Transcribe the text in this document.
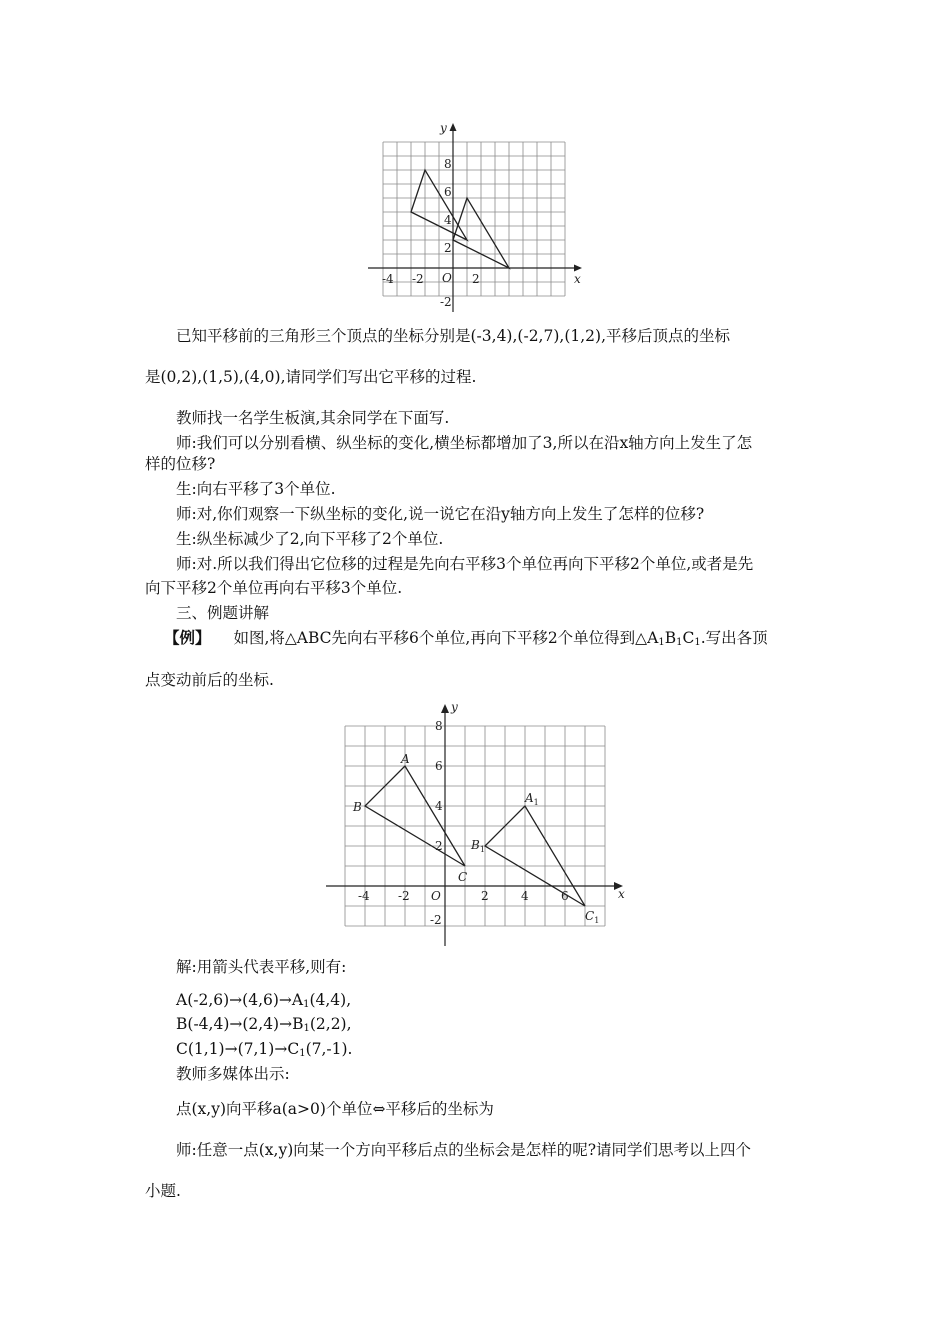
x
y
O
-4 -2	2
8
6
4
2
-2
已知平移前的三角形三个顶点的坐标分别是(-3,4),(-2,7),(1,2),平移后顶点的坐标
是(0,2),(1,5),(4,0),请同学们写出它平移的过程.
教师找一名学生板演,其余同学在下面写.
师:我们可以分别看横、纵坐标的变化,横坐标都增加了3,所以在沿x轴方向上发生了怎
样的位移?
生:向右平移了3个单位.
师:对,你们观察一下纵坐标的变化,说一说它在沿y轴方向上发生了怎样的位移?
生:纵坐标减少了2,向下平移了2个单位.
师:对.所以我们得出它位移的过程是先向右平移3个单位再向下平移2个单位,或者是先
向下平移2个单位再向右平移3个单位.
三、例题讲解
【例】 如图,将△ABC先向右平移6个单位,再向下平移2个单位得到$\triangle A_1B_1C_1$.写出各顶
点变动前后的坐标.
x
y
O
-4 -2	2	4	6
8
6
4
2
-2
A
B
C
$A_1$
$B_1$
$C_1$
解:用箭头代表平移,则有:
$A(-2,6)\to(4,6)\to A_1(4,4)$,
$B(-4,4)\to(2,4)\to B_1(2,2)$,
$C(1,1)\to(7,1)\to C_1(7,-1)$.
教师多媒体出示:
点(x,y)向平移a(a>0)个单位⇔平移后的坐标为
师:任意一点(x,y)向某一个方向平移后点的坐标会是怎样的呢?请同学们思考以上四个
小题.
